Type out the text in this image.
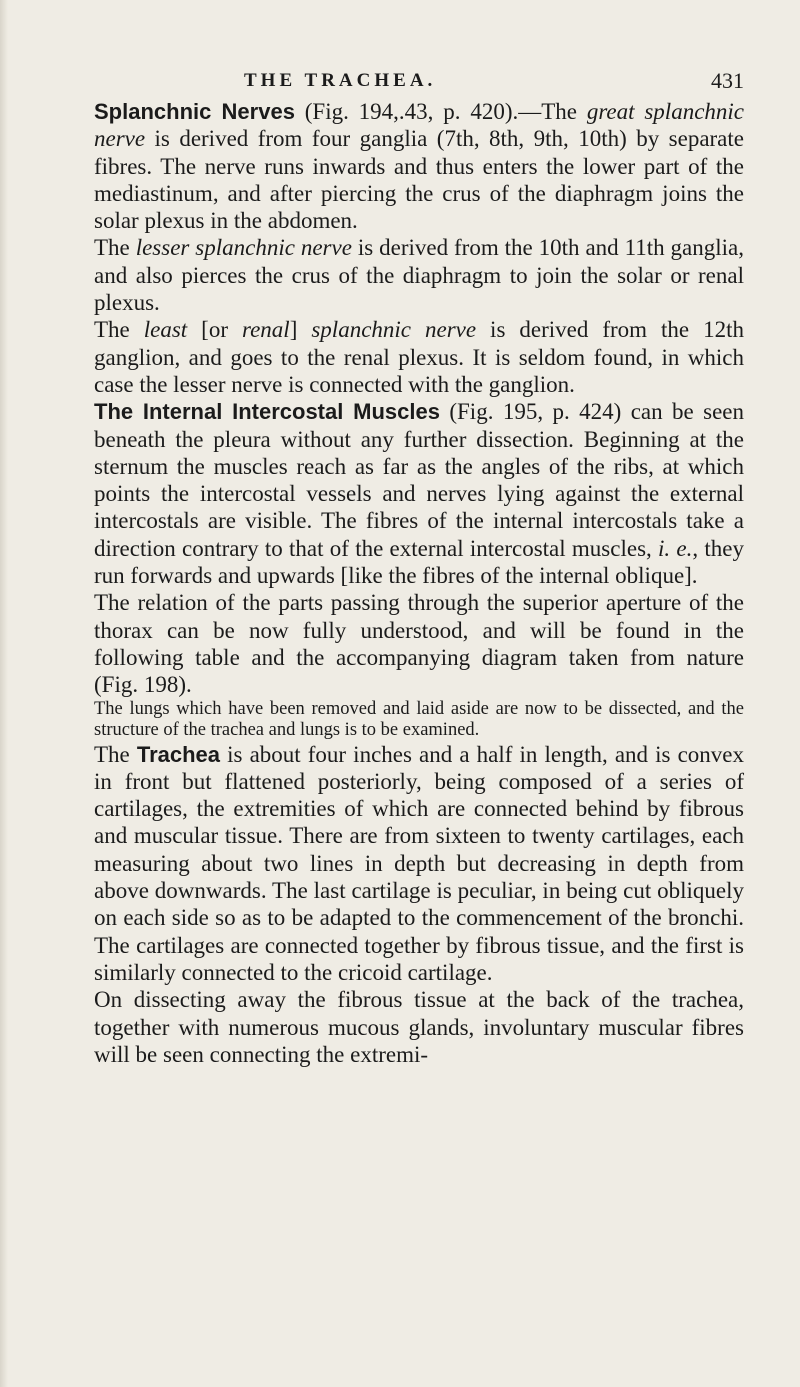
THE TRACHEA.	431

Splanchnic Nerves (Fig. 194,.43, p. 420).—The great splanchnic nerve is derived from four ganglia (7th, 8th, 9th, 10th) by separate fibres. The nerve runs inwards and thus enters the lower part of the mediastinum, and after piercing the crus of the diaphragm joins the solar plexus in the abdomen.

The lesser splanchnic nerve is derived from the 10th and 11th ganglia, and also pierces the crus of the diaphragm to join the solar or renal plexus.

The least [or renal] splanchnic nerve is derived from the 12th ganglion, and goes to the renal plexus. It is seldom found, in which case the lesser nerve is connected with the ganglion.

The Internal Intercostal Muscles (Fig. 195, p. 424) can be seen beneath the pleura without any further dissection. Beginning at the sternum the muscles reach as far as the angles of the ribs, at which points the intercostal vessels and nerves lying against the external intercostals are visible. The fibres of the internal intercostals take a direction contrary to that of the external intercostal muscles, i. e., they run forwards and upwards [like the fibres of the internal oblique].

The relation of the parts passing through the superior aperture of the thorax can be now fully understood, and will be found in the following table and the accompanying diagram taken from nature (Fig. 198).

The lungs which have been removed and laid aside are now to be dissected, and the structure of the trachea and lungs is to be examined.

The Trachea is about four inches and a half in length, and is convex in front but flattened posteriorly, being composed of a series of cartilages, the extremities of which are connected behind by fibrous and muscular tissue. There are from sixteen to twenty cartilages, each measuring about two lines in depth but decreasing in depth from above downwards. The last cartilage is peculiar, in being cut obliquely on each side so as to be adapted to the commencement of the bronchi. The cartilages are connected together by fibrous tissue, and the first is similarly connected to the cricoid cartilage.

On dissecting away the fibrous tissue at the back of the trachea, together with numerous mucous glands, involuntary muscular fibres will be seen connecting the extremi-
